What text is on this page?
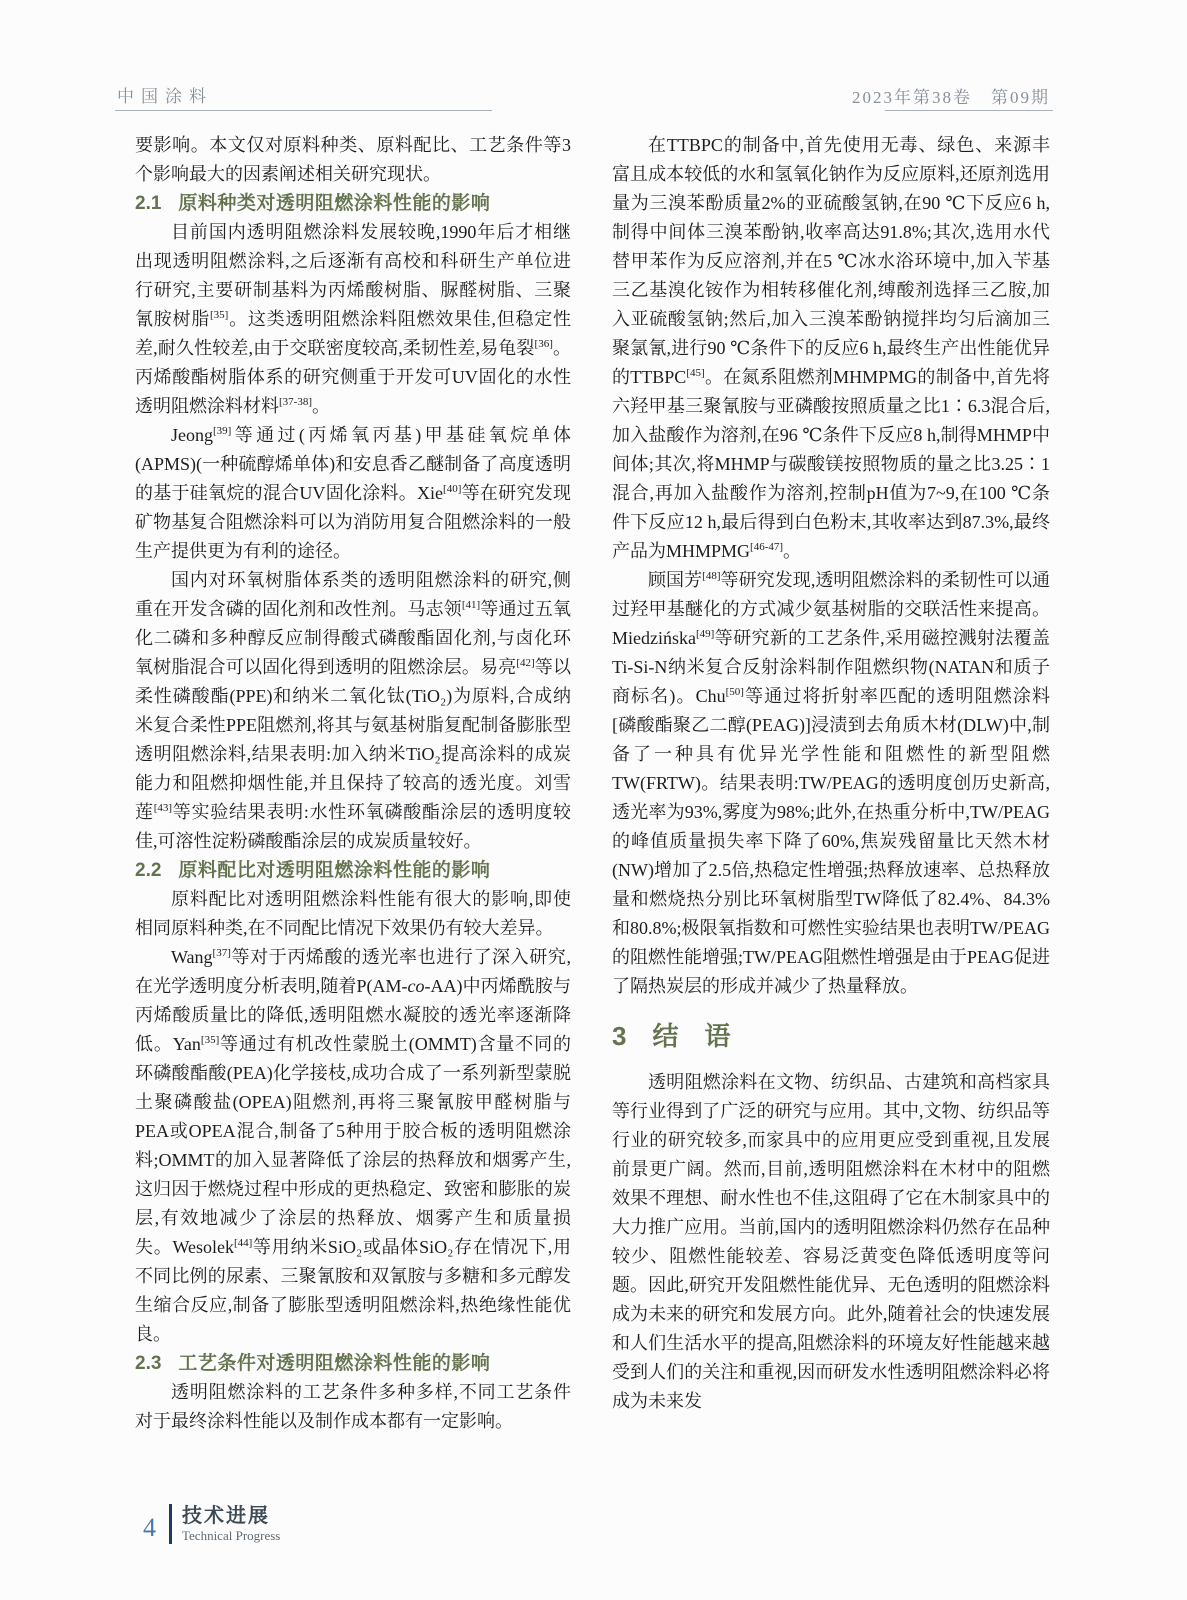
中国涂料	2023年第38卷　第09期

要影响。本文仅对原料种类、原料配比、工艺条件等3个影响最大的因素阐述相关研究现状。

2.1 原料种类对透明阻燃涂料性能的影响

目前国内透明阻燃涂料发展较晚,1990年后才相继出现透明阻燃涂料,之后逐渐有高校和科研生产单位进行研究,主要研制基料为丙烯酸树脂、脲醛树脂、三聚氰胺树脂[35]。这类透明阻燃涂料阻燃效果佳,但稳定性差,耐久性较差,由于交联密度较高,柔韧性差,易龟裂[36]。丙烯酸酯树脂体系的研究侧重于开发可UV固化的水性透明阻燃涂料材料[37-38]。

Jeong[39]等通过(丙烯氧丙基)甲基硅氧烷单体(APMS)(一种硫醇烯单体)和安息香乙醚制备了高度透明的基于硅氧烷的混合UV固化涂料。Xie[40]等在研究发现矿物基复合阻燃涂料可以为消防用复合阻燃涂料的一般生产提供更为有利的途径。

国内对环氧树脂体系类的透明阻燃涂料的研究,侧重在开发含磷的固化剂和改性剂。马志领[41]等通过五氧化二磷和多种醇反应制得酸式磷酸酯固化剂,与卤化环氧树脂混合可以固化得到透明的阻燃涂层。易亮[42]等以柔性磷酸酯(PPE)和纳米二氧化钛(TiO₂)为原料,合成纳米复合柔性PPE阻燃剂,将其与氨基树脂复配制备膨胀型透明阻燃涂料,结果表明:加入纳米TiO₂提高涂料的成炭能力和阻燃抑烟性能,并且保持了较高的透光度。刘雪莲[43]等实验结果表明:水性环氧磷酸酯涂层的透明度较佳,可溶性淀粉磷酸酯涂层的成炭质量较好。

2.2 原料配比对透明阻燃涂料性能的影响

原料配比对透明阻燃涂料性能有很大的影响,即使相同原料种类,在不同配比情况下效果仍有较大差异。

Wang[37]等对于丙烯酸的透光率也进行了深入研究,在光学透明度分析表明,随着P(AM-co-AA)中丙烯酰胺与丙烯酸质量比的降低,透明阻燃水凝胶的透光率逐渐降低。Yan[35]等通过有机改性蒙脱土(OMMT)含量不同的环磷酸酯酸(PEA)化学接枝,成功合成了一系列新型蒙脱土聚磷酸盐(OPEA)阻燃剂,再将三聚氰胺甲醛树脂与PEA或OPEA混合,制备了5种用于胶合板的透明阻燃涂料;OMMT的加入显著降低了涂层的热释放和烟雾产生,这归因于燃烧过程中形成的更热稳定、致密和膨胀的炭层,有效地减少了涂层的热释放、烟雾产生和质量损失。Wesolek[44]等用纳米SiO₂或晶体SiO₂存在情况下,用不同比例的尿素、三聚氰胺和双氰胺与多糖和多元醇发生缩合反应,制备了膨胀型透明阻燃涂料,热绝缘性能优良。

2.3 工艺条件对透明阻燃涂料性能的影响

透明阻燃涂料的工艺条件多种多样,不同工艺条件对于最终涂料性能以及制作成本都有一定影响。

在TTBPC的制备中,首先使用无毒、绿色、来源丰富且成本较低的水和氢氧化钠作为反应原料,还原剂选用量为三溴苯酚质量2%的亚硫酸氢钠,在90 ℃下反应6 h,制得中间体三溴苯酚钠,收率高达91.8%;其次,选用水代替甲苯作为反应溶剂,并在5 ℃冰水浴环境中,加入苄基三乙基溴化铵作为相转移催化剂,缚酸剂选择三乙胺,加入亚硫酸氢钠;然后,加入三溴苯酚钠搅拌均匀后滴加三聚氯氰,进行90 ℃条件下的反应6 h,最终生产出性能优异的TTBPC[45]。在氮系阻燃剂MHMPMG的制备中,首先将六羟甲基三聚氰胺与亚磷酸按照质量之比1∶6.3混合后,加入盐酸作为溶剂,在96 ℃条件下反应8 h,制得MHMP中间体;其次,将MHMP与碳酸镁按照物质的量之比3.25∶1混合,再加入盐酸作为溶剂,控制pH值为7~9,在100 ℃条件下反应12 h,最后得到白色粉末,其收率达到87.3%,最终产品为MHMPMG[46-47]。

顾国芳[48]等研究发现,透明阻燃涂料的柔韧性可以通过羟甲基醚化的方式减少氨基树脂的交联活性来提高。Miedzińska[49]等研究新的工艺条件,采用磁控溅射法覆盖Ti-Si-N纳米复合反射涂料制作阻燃织物(NATAN和质子商标名)。Chu[50]等通过将折射率匹配的透明阻燃涂料[磷酸酯聚乙二醇(PEAG)]浸渍到去角质木材(DLW)中,制备了一种具有优异光学性能和阻燃性的新型阻燃TW(FRTW)。结果表明:TW/PEAG的透明度创历史新高,透光率为93%,雾度为98%;此外,在热重分析中,TW/PEAG的峰值质量损失率下降了60%,焦炭残留量比天然木材(NW)增加了2.5倍,热稳定性增强;热释放速率、总热释放量和燃烧热分别比环氧树脂型TW降低了82.4%、84.3%和80.8%;极限氧指数和可燃性实验结果也表明TW/PEAG的阻燃性能增强;TW/PEAG阻燃性增强是由于PEAG促进了隔热炭层的形成并减少了热量释放。

3 结　语

透明阻燃涂料在文物、纺织品、古建筑和高档家具等行业得到了广泛的研究与应用。其中,文物、纺织品等行业的研究较多,而家具中的应用更应受到重视,且发展前景更广阔。然而,目前,透明阻燃涂料在木材中的阻燃效果不理想、耐水性也不佳,这阻碍了它在木制家具中的大力推广应用。当前,国内的透明阻燃涂料仍然存在品种较少、阻燃性能较差、容易泛黄变色降低透明度等问题。因此,研究开发阻燃性能优异、无色透明的阻燃涂料成为未来的研究和发展方向。此外,随着社会的快速发展和人们生活水平的提高,阻燃涂料的环境友好性能越来越受到人们的关注和重视,因而研发水性透明阻燃涂料必将成为未来发

4 技术进展
Technical Progress
